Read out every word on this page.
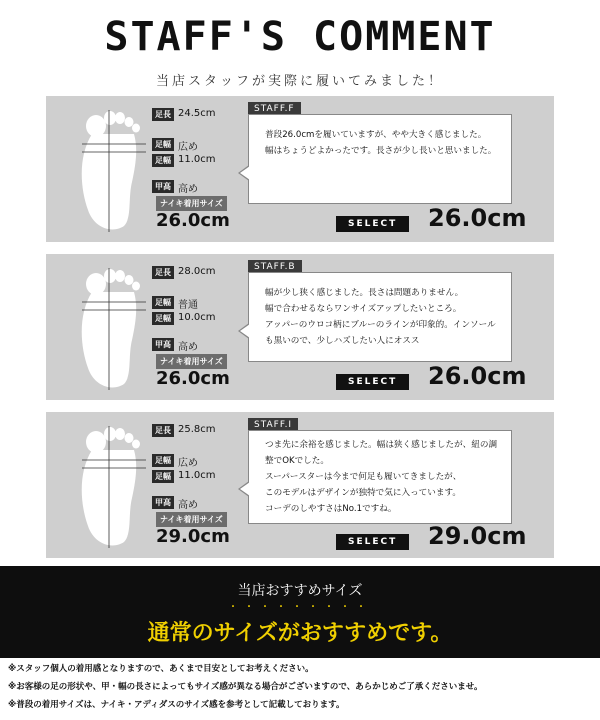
STAFF'S COMMENT
当店スタッフが実際に履いてみました！
足長 24.5cm
足幅 広め
足幅 11.0cm
甲高 高め
ナイキ着用サイズ
26.0cm
STAFF.F
普段26.0cmを履いていますが、やや大きく感じました。
幅はちょうどよかったです。長さが少し長いと思いました。
SELECT	26.0cm
足長 28.0cm
足幅 普通
足幅 10.0cm
甲高 高め
ナイキ着用サイズ
26.0cm
STAFF.B
幅が少し狭く感じました。長さは問題ありません。
幅で合わせるならワンサイズアップしたいところ。
アッパーのウロコ柄にブルーのラインが印象的。インソールも黒いので、少しハズしたい人にオスス
SELECT	26.0cm
足長 25.8cm
足幅 広め
足幅 11.0cm
甲高 高め
ナイキ着用サイズ
29.0cm
STAFF.I
つま先に余裕を感じました。幅は狭く感じましたが、紐の調整でOKでした。
スーパースターは今まで何足も履いてきましたが、
このモデルはデザインが独特で気に入っています。
コーデのしやすさはNo.1ですね。
SELECT	29.0cm
当店おすすめサイズ
・・・・・・・・・
通常のサイズがおすすめです。
※スタッフ個人の着用感となりますので、あくまで目安としてお考えください。
※お客様の足の形状や、甲・幅の長さによってもサイズ感が異なる場合がございますので、あらかじめご了承くださいませ。
※普段の着用サイズは、ナイキ・アディダスのサイズ感を参考として記載しております。
